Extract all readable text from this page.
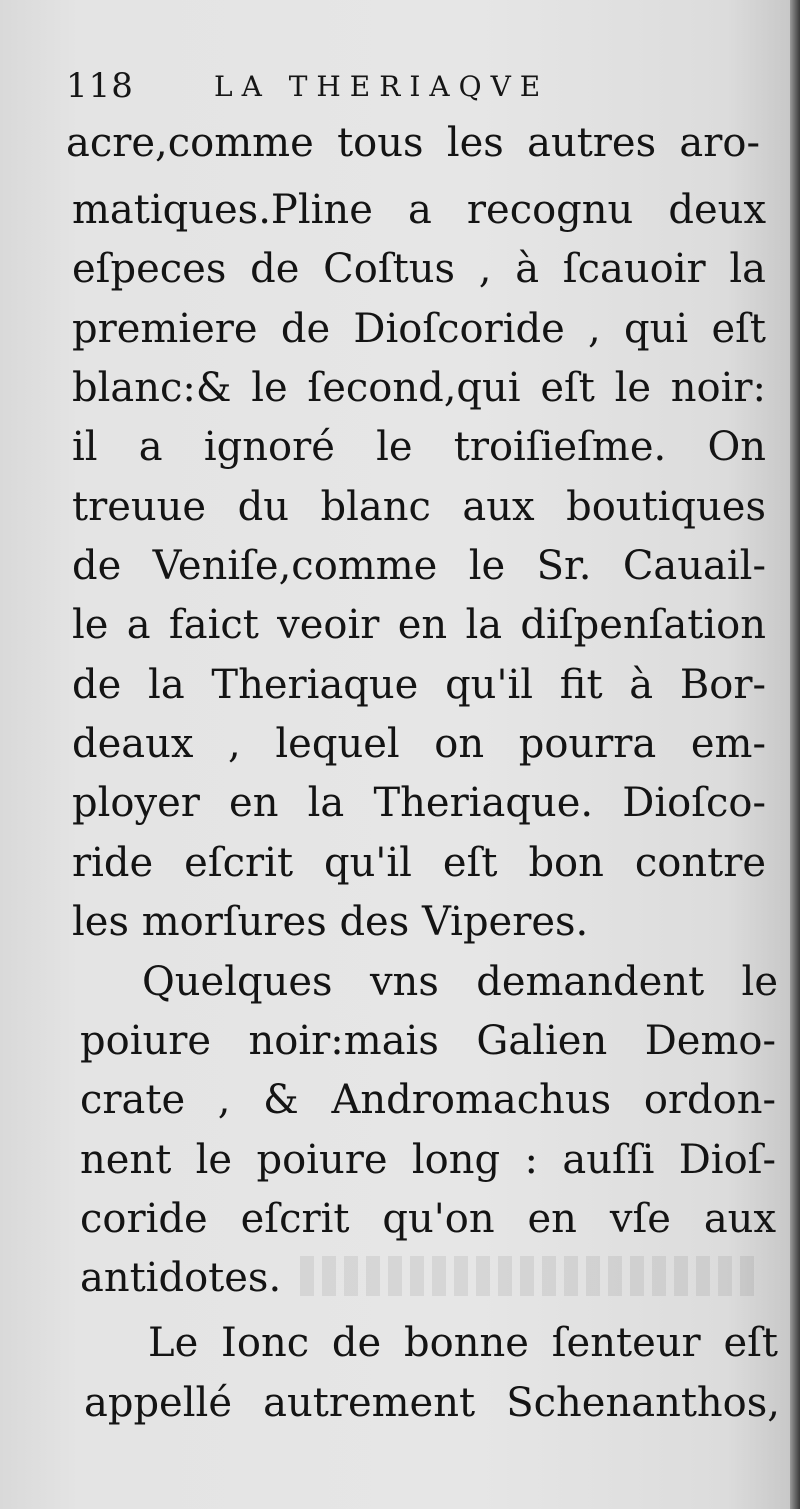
118	LA THERIAQVE
acre,comme tous les autres aro-
matiques.Pline a recognu deux
eſpeces de Coſtus , à ſcauoir la
premiere de Dioſcoride , qui eſt
blanc:& le ſecond,qui eſt le noir:
il a ignoré le troiſieſme. On
treuue du blanc aux boutiques
de Veniſe,comme le Sr. Cauail-
le a faict veoir en la diſpenſation
de la Theriaque qu'il fit à Bor-
deaux , lequel on pourra em-
ployer en la Theriaque. Dioſco-
ride eſcrit qu'il eſt bon contre
les morſures des Viperes.
Quelques vns demandent le
poiure noir:mais Galien Demo-
crate , & Andromachus ordon-
nent le poiure long : auſſi Dioſ-
coride eſcrit qu'on en vſe aux
antidotes.
Le Ionc de bonne ſenteur eſt
appellé autrement Schenanthos,
